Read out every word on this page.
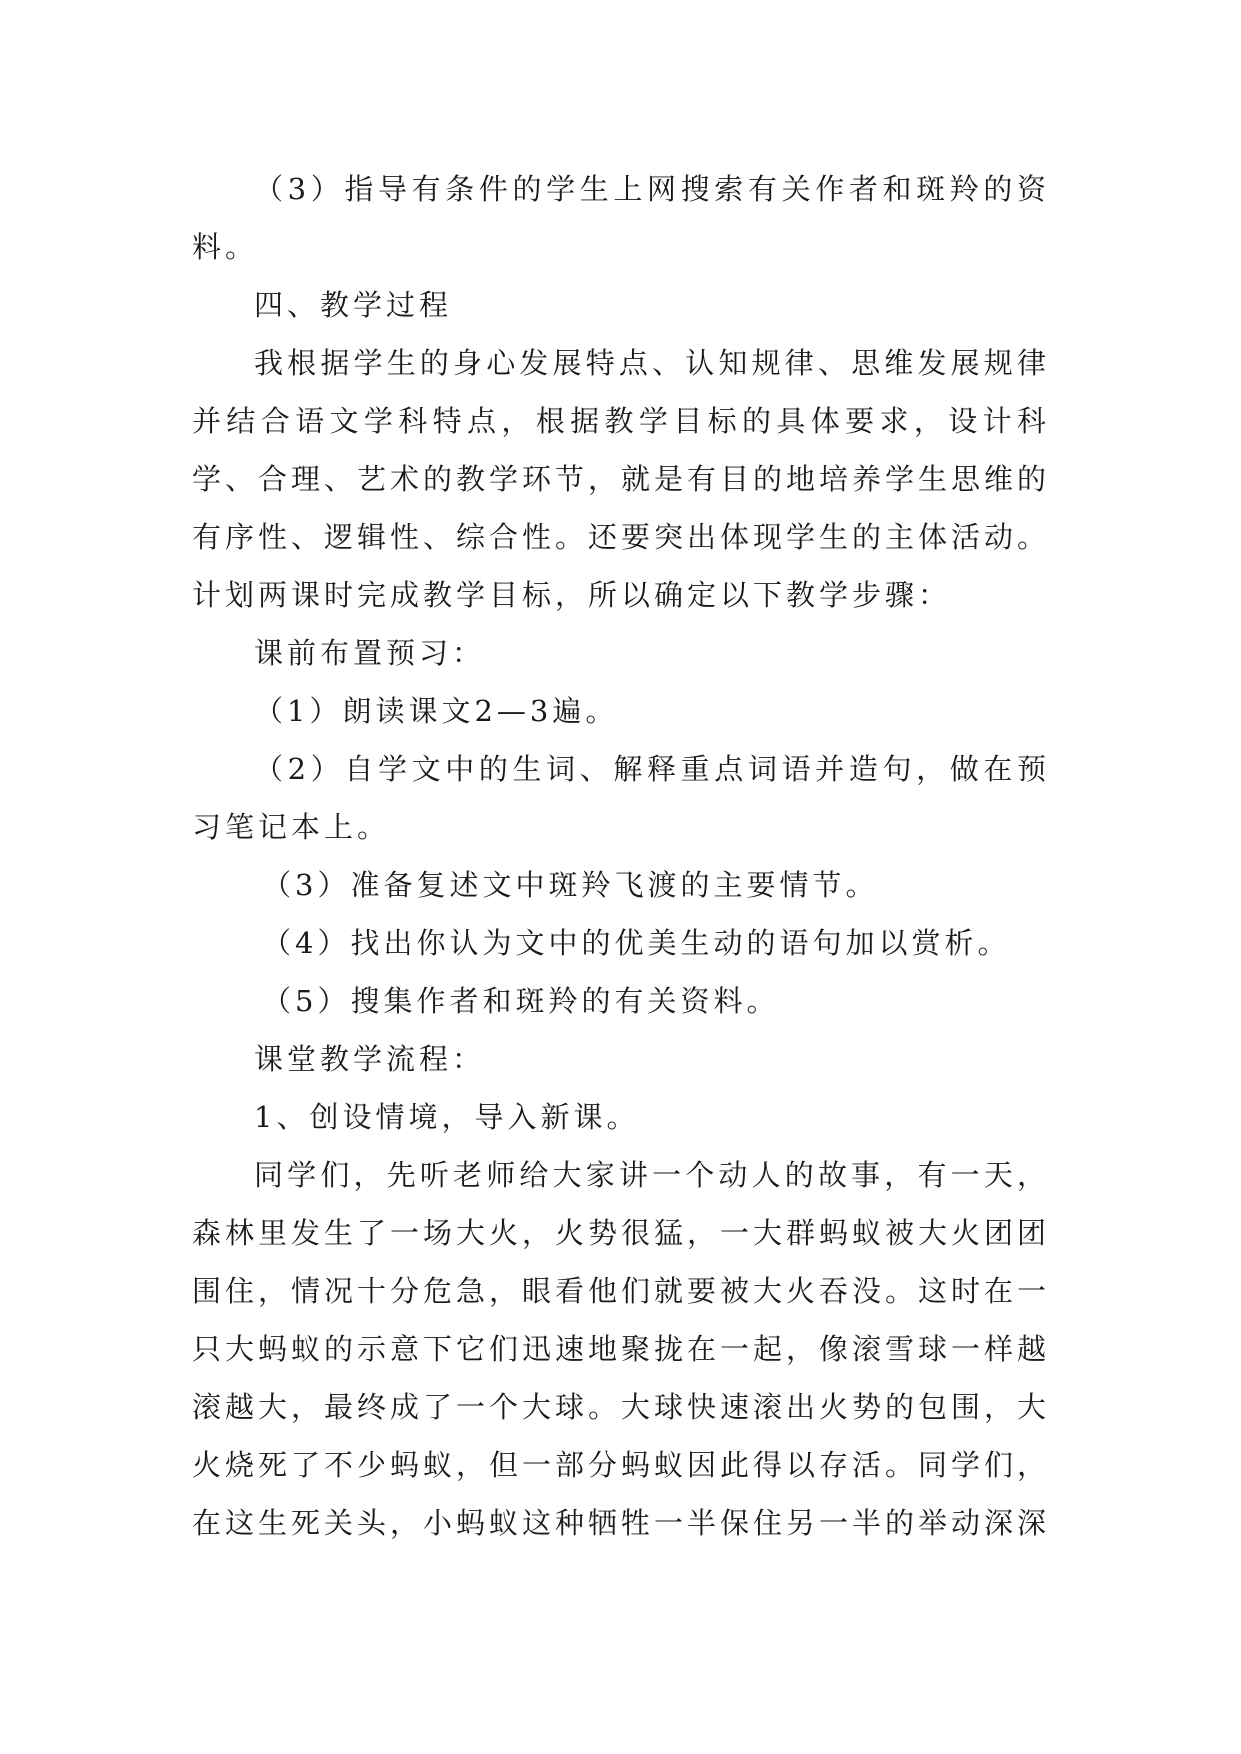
（3）指导有条件的学生上网搜索有关作者和斑羚的资料。

四、教学过程

我根据学生的身心发展特点、认知规律、思维发展规律并结合语文学科特点，根据教学目标的具体要求，设计科学、合理、艺术的教学环节，就是有目的地培养学生思维的有序性、逻辑性、综合性。还要突出体现学生的主体活动。计划两课时完成教学目标，所以确定以下教学步骤：

课前布置预习：

（1）朗读课文2—3遍。

（2）自学文中的生词、解释重点词语并造句，做在预习笔记本上。

（3）准备复述文中斑羚飞渡的主要情节。

（4）找出你认为文中的优美生动的语句加以赏析。

（5）搜集作者和斑羚的有关资料。

课堂教学流程：

1、创设情境，导入新课。

同学们，先听老师给大家讲一个动人的故事，有一天，森林里发生了一场大火，火势很猛，一大群蚂蚁被大火团团围住，情况十分危急，眼看他们就要被大火吞没。这时在一只大蚂蚁的示意下它们迅速地聚拢在一起，像滚雪球一样越滚越大，最终成了一个大球。大球快速滚出火势的包围，大火烧死了不少蚂蚁，但一部分蚂蚁因此得以存活。同学们，在这生死关头，小蚂蚁这种牺牲一半保住另一半的举动深深
